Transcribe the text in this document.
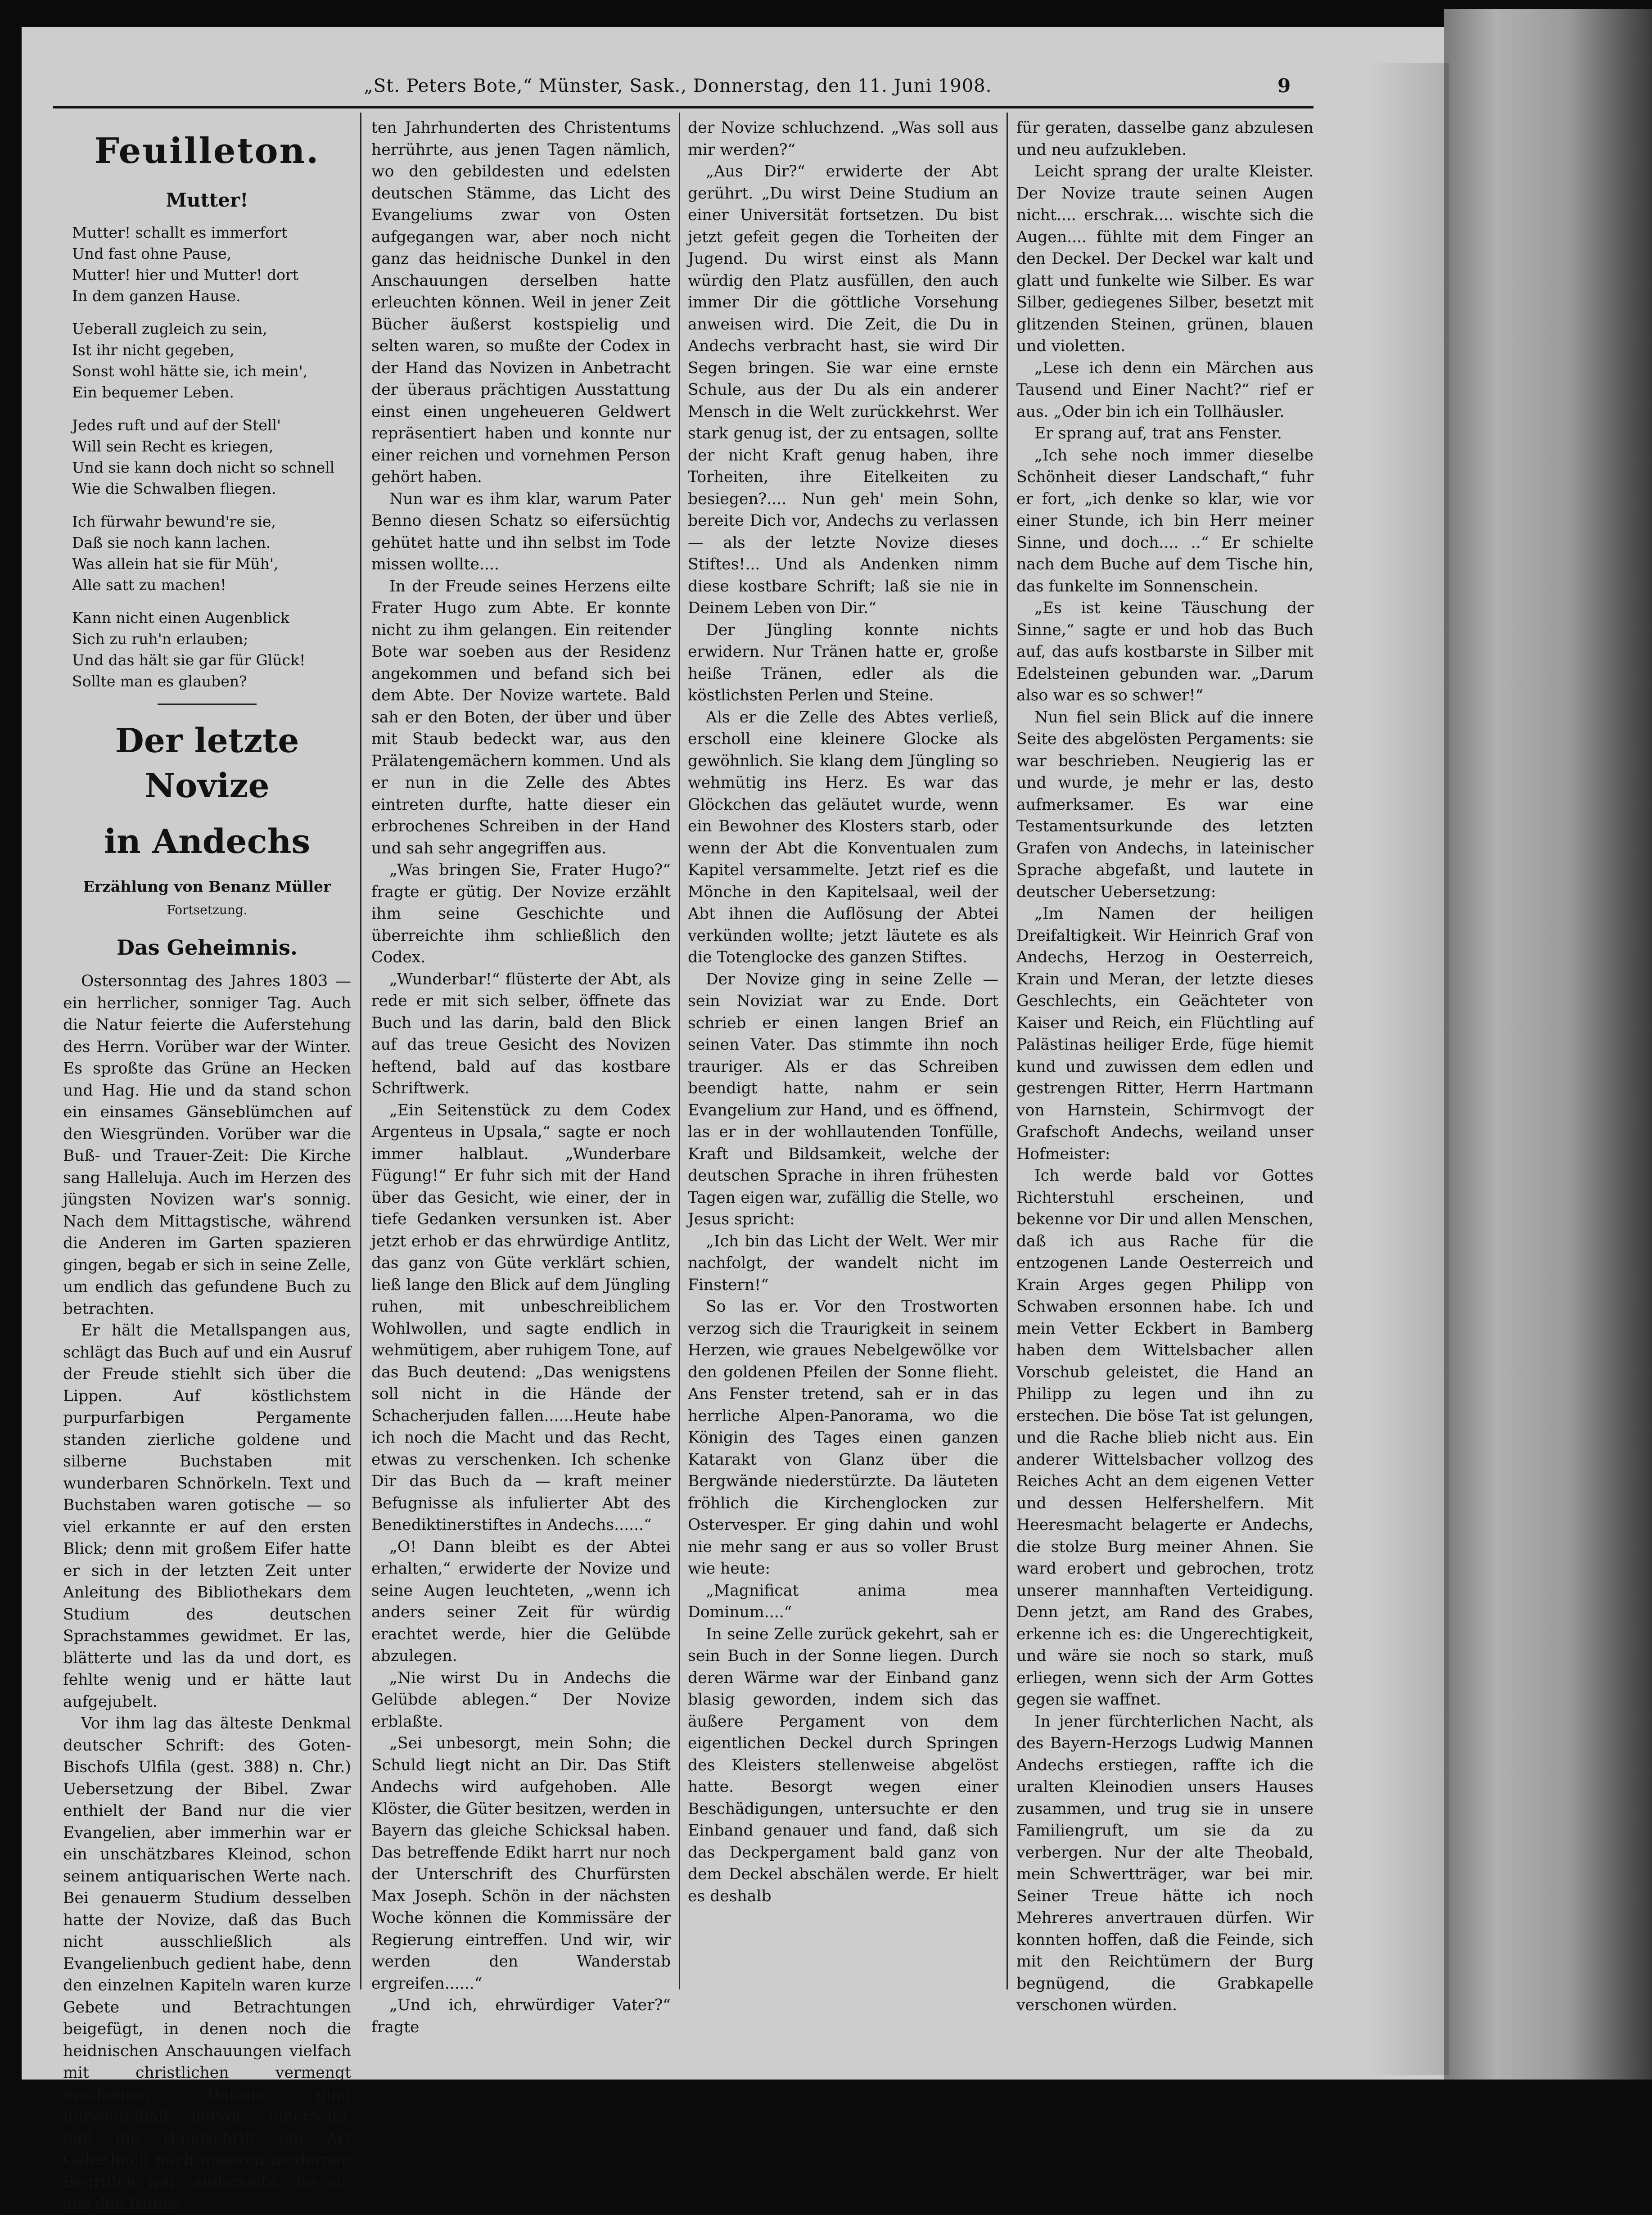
„St. Peters Bote,“ Münster, Sask., Donnerstag, den 11. Juni 1908.	9
Feuilleton.
Mutter!
Mutter! schallt es immerfort
Und fast ohne Pause,
Mutter! hier und Mutter! dort
In dem ganzen Hause.
Ueberall zugleich zu sein,
Ist ihr nicht gegeben,
Sonst wohl hätte sie, ich mein',
Ein bequemer Leben.
Jedes ruft und auf der Stell'
Will sein Recht es kriegen,
Und sie kann doch nicht so schnell
Wie die Schwalben fliegen.
Ich fürwahr bewund're sie,
Daß sie noch kann lachen.
Was allein hat sie für Müh',
Alle satt zu machen!
Kann nicht einen Augenblick
Sich zu ruh'n erlauben;
Und das hält sie gar für Glück!
Sollte man es glauben?
Der letzte Novize
in Andechs
Erzählung von Benanz Müller
Fortsetzung.
Das Geheimnis.

Ostersonntag des Jahres 1803 — ein herrlicher, sonniger Tag. Auch die Natur feierte die Auferstehung des Herrn. Vorüber war der Winter. Es sproßte das Grüne an Hecken und Hag. Hie und da stand schon ein einsames Gänseblümchen auf den Wiesgründen. Vorüber war die Buß- und Trauer-Zeit: Die Kirche sang Halleluja. Auch im Herzen des jüngsten Novizen war's sonnig. Nach dem Mittagstische, während die Anderen im Garten spazieren gingen, begab er sich in seine Zelle, um endlich das gefundene Buch zu betrachten.

Er hält die Metallspangen aus, schlägt das Buch auf und ein Ausruf der Freude stiehlt sich über die Lippen. Auf köstlichstem purpurfarbigen Pergamente standen zierliche goldene und silberne Buchstaben mit wunderbaren Schnörkeln. Text und Buchstaben waren gotische — so viel erkannte er auf den ersten Blick; denn mit großem Eifer hatte er sich in der letzten Zeit unter Anleitung des Bibliothekars dem Studium des deutschen Sprachstammes gewidmet. Er las, blätterte und las da und dort, es fehlte wenig und er hätte laut aufgejubelt.

Vor ihm lag das älteste Denkmal deutscher Schrift: des Goten-Bischofs Ulfila (gest. 388) n. Chr.) Uebersetzung der Bibel. Zwar enthielt der Band nur die vier Evangelien, aber immerhin war er ein unschätzbares Kleinod, schon seinem antiquarischen Werte nach. Bei genauerm Studium desselben hatte der Novize, daß das Buch nicht ausschließlich als Evangelienbuch gedient habe, denn den einzelnen Kapiteln waren kurze Gebete und Betrachtungen beigefügt, in denen noch die heidnischen Anschauungen vielfach mit christlichen vermengt erscheinen. Daraus ging unzweifelhaft hervor: einerseits, daß die Handschrift ein Art Gebetbuch nach unseren modernen Begriffen war; anderseits, das sie aus den frühes-

ten Jahrhunderten des Christentums herrührte, aus jenen Tagen nämlich, wo den gebildesten und edelsten deutschen Stämme, das Licht des Evangeliums zwar von Osten aufgegangen war, aber noch nicht ganz das heidnische Dunkel in den Anschauungen derselben hatte erleuchten können. Weil in jener Zeit Bücher äußerst kostspielig und selten waren, so mußte der Codex in der Hand das Novizen in Anbetracht der überaus prächtigen Ausstattung einst einen ungeheueren Geldwert repräsentiert haben und konnte nur einer reichen und vornehmen Person gehört haben.

Nun war es ihm klar, warum Pater Benno diesen Schatz so eifersüchtig gehütet hatte und ihn selbst im Tode missen wollte....

In der Freude seines Herzens eilte Frater Hugo zum Abte. Er konnte nicht zu ihm gelangen. Ein reitender Bote war soeben aus der Residenz angekommen und befand sich bei dem Abte. Der Novize wartete. Bald sah er den Boten, der über und über mit Staub bedeckt war, aus den Prälatengemächern kommen. Und als er nun in die Zelle des Abtes eintreten durfte, hatte dieser ein erbrochenes Schreiben in der Hand und sah sehr angegriffen aus.

„Was bringen Sie, Frater Hugo?“ fragte er gütig. Der Novize erzählt ihm seine Geschichte und überreichte ihm schließlich den Codex.

„Wunderbar!“ flüsterte der Abt, als rede er mit sich selber, öffnete das Buch und las darin, bald den Blick auf das treue Gesicht des Novizen heftend, bald auf das kostbare Schriftwerk.

„Ein Seitenstück zu dem Codex Argenteus in Upsala,“ sagte er noch immer halblaut. „Wunderbare Fügung!“ Er fuhr sich mit der Hand über das Gesicht, wie einer, der in tiefe Gedanken versunken ist. Aber jetzt erhob er das ehrwürdige Antlitz, das ganz von Güte verklärt schien, ließ lange den Blick auf dem Jüngling ruhen, mit unbeschreiblichem Wohlwollen, und sagte endlich in wehmütigem, aber ruhigem Tone, auf das Buch deutend: „Das wenigstens soll nicht in die Hände der Schacherjuden fallen......Heute habe ich noch die Macht und das Recht, etwas zu verschenken. Ich schenke Dir das Buch da — kraft meiner Befugnisse als infulierter Abt des Benediktinerstiftes in Andechs......“

„O! Dann bleibt es der Abtei erhalten,“ erwiderte der Novize und seine Augen leuchteten, „wenn ich anders seiner Zeit für würdig erachtet werde, hier die Gelübde abzulegen.

„Nie wirst Du in Andechs die Gelübde ablegen.“ Der Novize erblaßte.

„Sei unbesorgt, mein Sohn; die Schuld liegt nicht an Dir. Das Stift Andechs wird aufgehoben. Alle Klöster, die Güter besitzen, werden in Bayern das gleiche Schicksal haben. Das betreffende Edikt harrt nur noch der Unterschrift des Churfürsten Max Joseph. Schön in der nächsten Woche können die Kommissäre der Regierung eintreffen. Und wir, wir werden den Wanderstab ergreifen......“

„Und ich, ehrwürdiger Vater?“ fragte

der Novize schluchzend. „Was soll aus mir werden?“

„Aus Dir?“ erwiderte der Abt gerührt. „Du wirst Deine Studium an einer Universität fortsetzen. Du bist jetzt gefeit gegen die Torheiten der Jugend. Du wirst einst als Mann würdig den Platz ausfüllen, den auch immer Dir die göttliche Vorsehung anweisen wird. Die Zeit, die Du in Andechs verbracht hast, sie wird Dir Segen bringen. Sie war eine ernste Schule, aus der Du als ein anderer Mensch in die Welt zurückkehrst. Wer stark genug ist, der zu entsagen, sollte der nicht Kraft genug haben, ihre Torheiten, ihre Eitelkeiten zu besiegen?.... Nun geh' mein Sohn, bereite Dich vor, Andechs zu verlassen — als der letzte Novize dieses Stiftes!... Und als Andenken nimm diese kostbare Schrift; laß sie nie in Deinem Leben von Dir.“

Der Jüngling konnte nichts erwidern. Nur Tränen hatte er, große heiße Tränen, edler als die köstlichsten Perlen und Steine.

Als er die Zelle des Abtes verließ, erscholl eine kleinere Glocke als gewöhnlich. Sie klang dem Jüngling so wehmütig ins Herz. Es war das Glöckchen das geläutet wurde, wenn ein Bewohner des Klosters starb, oder wenn der Abt die Konventualen zum Kapitel versammelte. Jetzt rief es die Mönche in den Kapitelsaal, weil der Abt ihnen die Auflösung der Abtei verkünden wollte; jetzt läutete es als die Totenglocke des ganzen Stiftes.

Der Novize ging in seine Zelle — sein Noviziat war zu Ende. Dort schrieb er einen langen Brief an seinen Vater. Das stimmte ihn noch trauriger. Als er das Schreiben beendigt hatte, nahm er sein Evangelium zur Hand, und es öffnend, las er in der wohllautenden Tonfülle, Kraft und Bildsamkeit, welche der deutschen Sprache in ihren frühesten Tagen eigen war, zufällig die Stelle, wo Jesus spricht:

„Ich bin das Licht der Welt. Wer mir nachfolgt, der wandelt nicht im Finstern!“

So las er. Vor den Trostworten verzog sich die Traurigkeit in seinem Herzen, wie graues Nebelgewölke vor den goldenen Pfeilen der Sonne flieht. Ans Fenster tretend, sah er in das herrliche Alpen-Panorama, wo die Königin des Tages einen ganzen Katarakt von Glanz über die Bergwände niederstürzte. Da läuteten fröhlich die Kirchenglocken zur Ostervesper. Er ging dahin und wohl nie mehr sang er aus so voller Brust wie heute:

„Magnificat anima mea Dominum....“

In seine Zelle zurück gekehrt, sah er sein Buch in der Sonne liegen. Durch deren Wärme war der Einband ganz blasig geworden, indem sich das äußere Pergament von dem eigentlichen Deckel durch Springen des Kleisters stellenweise abgelöst hatte. Besorgt wegen einer Beschädigungen, untersuchte er den Einband genauer und fand, daß sich das Deckpergament bald ganz von dem Deckel abschälen werde. Er hielt es deshalb

für geraten, dasselbe ganz abzulesen und neu aufzukleben.

Leicht sprang der uralte Kleister. Der Novize traute seinen Augen nicht.... erschrak.... wischte sich die Augen.... fühlte mit dem Finger an den Deckel. Der Deckel war kalt und glatt und funkelte wie Silber. Es war Silber, gediegenes Silber, besetzt mit glitzenden Steinen, grünen, blauen und violetten.

„Lese ich denn ein Märchen aus Tausend und Einer Nacht?“ rief er aus. „Oder bin ich ein Tollhäusler.

Er sprang auf, trat ans Fenster.

„Ich sehe noch immer dieselbe Schönheit dieser Landschaft,“ fuhr er fort, „ich denke so klar, wie vor einer Stunde, ich bin Herr meiner Sinne, und doch.... ..“ Er schielte nach dem Buche auf dem Tische hin, das funkelte im Sonnenschein.

„Es ist keine Täuschung der Sinne,“ sagte er und hob das Buch auf, das aufs kostbarste in Silber mit Edelsteinen gebunden war. „Darum also war es so schwer!“

Nun fiel sein Blick auf die innere Seite des abgelösten Pergaments: sie war beschrieben. Neugierig las er und wurde, je mehr er las, desto aufmerksamer. Es war eine Testamentsurkunde des letzten Grafen von Andechs, in lateinischer Sprache abgefaßt, und lautete in deutscher Uebersetzung:

„Im Namen der heiligen Dreifaltigkeit. Wir Heinrich Graf von Andechs, Herzog in Oesterreich, Krain und Meran, der letzte dieses Geschlechts, ein Geächteter von Kaiser und Reich, ein Flüchtling auf Palästinas heiliger Erde, füge hiemit kund und zuwissen dem edlen und gestrengen Ritter, Herrn Hartmann von Harnstein, Schirmvogt der Grafschoft Andechs, weiland unser Hofmeister:

Ich werde bald vor Gottes Richterstuhl erscheinen, und bekenne vor Dir und allen Menschen, daß ich aus Rache für die entzogenen Lande Oesterreich und Krain Arges gegen Philipp von Schwaben ersonnen habe. Ich und mein Vetter Eckbert in Bamberg haben dem Wittelsbacher allen Vorschub geleistet, die Hand an Philipp zu legen und ihn zu erstechen. Die böse Tat ist gelungen, und die Rache blieb nicht aus. Ein anderer Wittelsbacher vollzog des Reiches Acht an dem eigenen Vetter und dessen Helfershelfern. Mit Heeresmacht belagerte er Andechs, die stolze Burg meiner Ahnen. Sie ward erobert und gebrochen, trotz unserer mannhaften Verteidigung. Denn jetzt, am Rand des Grabes, erkenne ich es: die Ungerechtigkeit, und wäre sie noch so stark, muß erliegen, wenn sich der Arm Gottes gegen sie waffnet.

In jener fürchterlichen Nacht, als des Bayern-Herzogs Ludwig Mannen Andechs erstiegen, raffte ich die uralten Kleinodien unsers Hauses zusammen, und trug sie in unsere Familiengruft, um sie da zu verbergen. Nur der alte Theobald, mein Schwertträger, war bei mir. Seiner Treue hätte ich noch Mehreres anvertrauen dürfen. Wir konnten hoffen, daß die Feinde, sich mit den Reichtümern der Burg begnügend, die Grabkapelle verschonen würden.
